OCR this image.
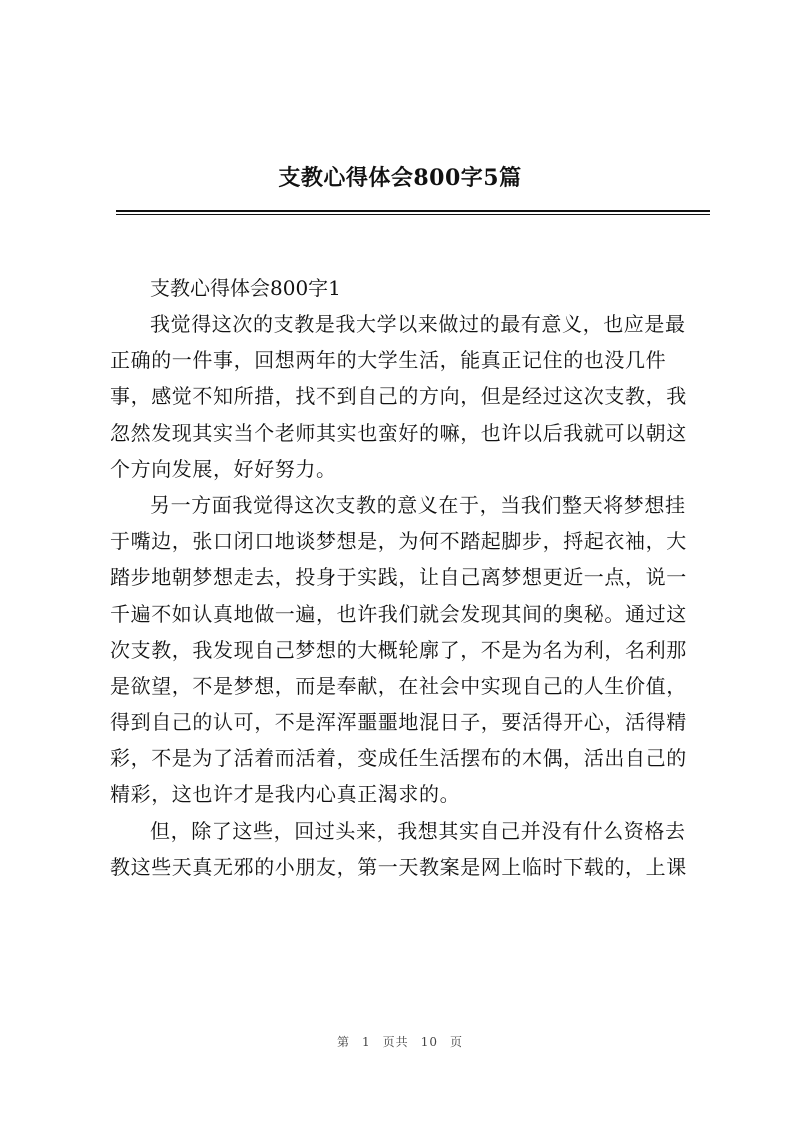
支教心得体会800字5篇

支教心得体会800字1

我觉得这次的支教是我大学以来做过的最有意义，也应是最
正确的一件事，回想两年的大学生活，能真正记住的也没几件
事，感觉不知所措，找不到自己的方向，但是经过这次支教，我
忽然发现其实当个老师其实也蛮好的嘛，也许以后我就可以朝这
个方向发展，好好努力。
另一方面我觉得这次支教的意义在于，当我们整天将梦想挂
于嘴边，张口闭口地谈梦想是，为何不踏起脚步，捋起衣袖，大
踏步地朝梦想走去，投身于实践，让自己离梦想更近一点，说一
千遍不如认真地做一遍，也许我们就会发现其间的奥秘。通过这
次支教，我发现自己梦想的大概轮廓了，不是为名为利，名利那
是欲望，不是梦想，而是奉献，在社会中实现自己的人生价值，
得到自己的认可，不是浑浑噩噩地混日子，要活得开心，活得精
彩，不是为了活着而活着，变成任生活摆布的木偶，活出自己的
精彩，这也许才是我内心真正渴求的。
但，除了这些，回过头来，我想其实自己并没有什么资格去
教这些天真无邪的小朋友，第一天教案是网上临时下载的，上课
第 1 页共 10 页
